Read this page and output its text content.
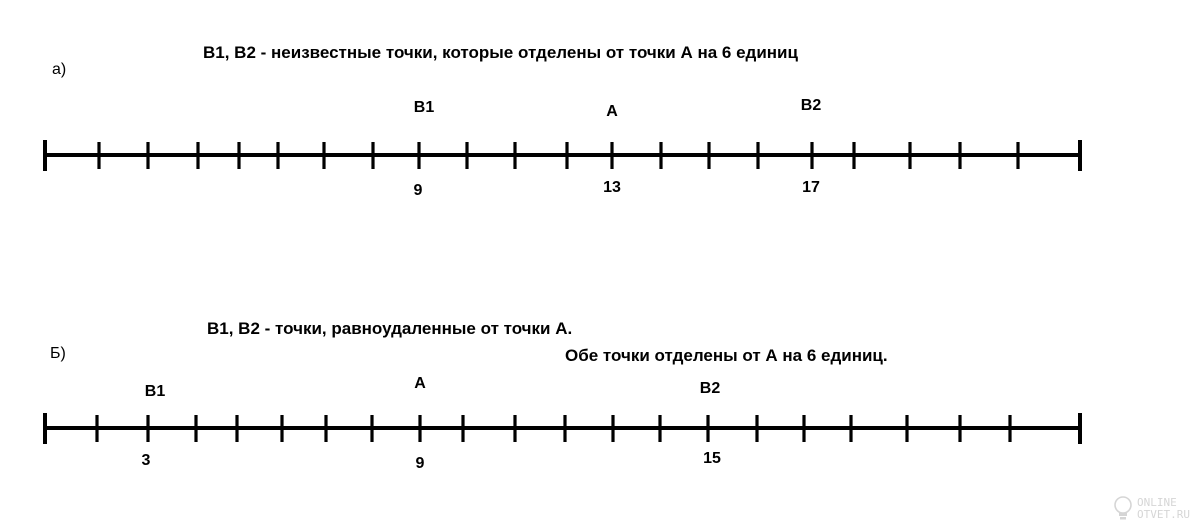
а)
В1, В2 - неизвестные точки, которые отделены от точки А на 6 единиц
В1	А	В2
9	13	17
В1, В2 - точки, равноудаленные от точки А.
Б)	Обе точки отделены от А на 6 единиц.
В1	А	В2
3	9	15
ONLINE
OTVET.RU
